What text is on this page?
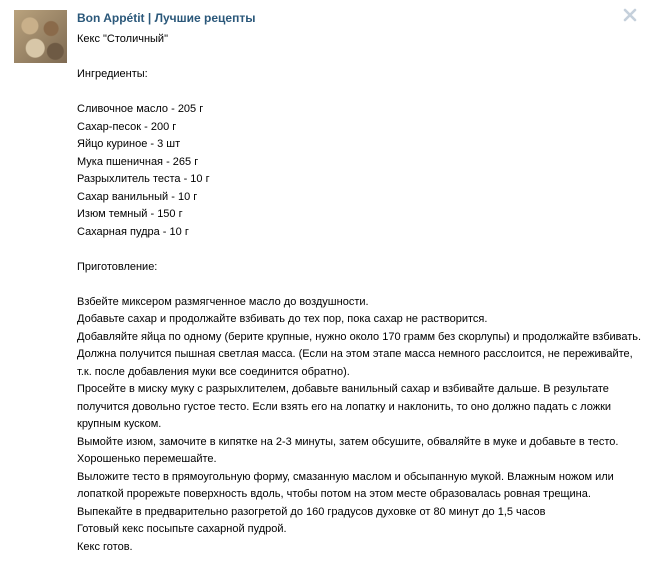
Bon Appétit | Лучшие рецепты

Кекс "Столичный"

Ингредиенты:

Сливочное масло - 205 г

Сахар-песок - 200 г

Яйцо куриное - 3 шт

Мука пшеничная - 265 г

Разрыхлитель теста - 10 г

Сахар ванильный - 10 г

Изюм темный - 150 г

Сахарная пудра - 10 г

Приготовление:

Взбейте миксером размягченное масло до воздушности.

Добавьте сахар и продолжайте взбивать до тех пор, пока сахар не растворится.

Добавляйте яйца по одному (берите крупные, нужно около 170 грамм без скорлупы) и продолжайте взбивать.

Должна получится пышная светлая масса. (Если на этом этапе масса немного расслоится, не переживайте, т.к. после добавления муки все соединится обратно).

Просейте в миску муку с разрыхлителем, добавьте ванильный сахар и взбивайте дальше. В результате получится довольно густое тесто. Если взять его на лопатку и наклонить, то оно должно падать с ложки крупным куском.

Вымойте изюм, замочите в кипятке на 2-3 минуты, затем обсушите, обваляйте в муке и добавьте в тесто. Хорошенько перемешайте.

Выложите тесто в прямоугольную форму, смазанную маслом и обсыпанную мукой. Влажным ножом или лопаткой прорежьте поверхность вдоль, чтобы потом на этом месте образовалась ровная трещина.

Выпекайте в предварительно разогретой до 160 градусов духовке от 80 минут до 1,5 часов

Готовый кекс посыпьте сахарной пудрой.

Кекс готов.
